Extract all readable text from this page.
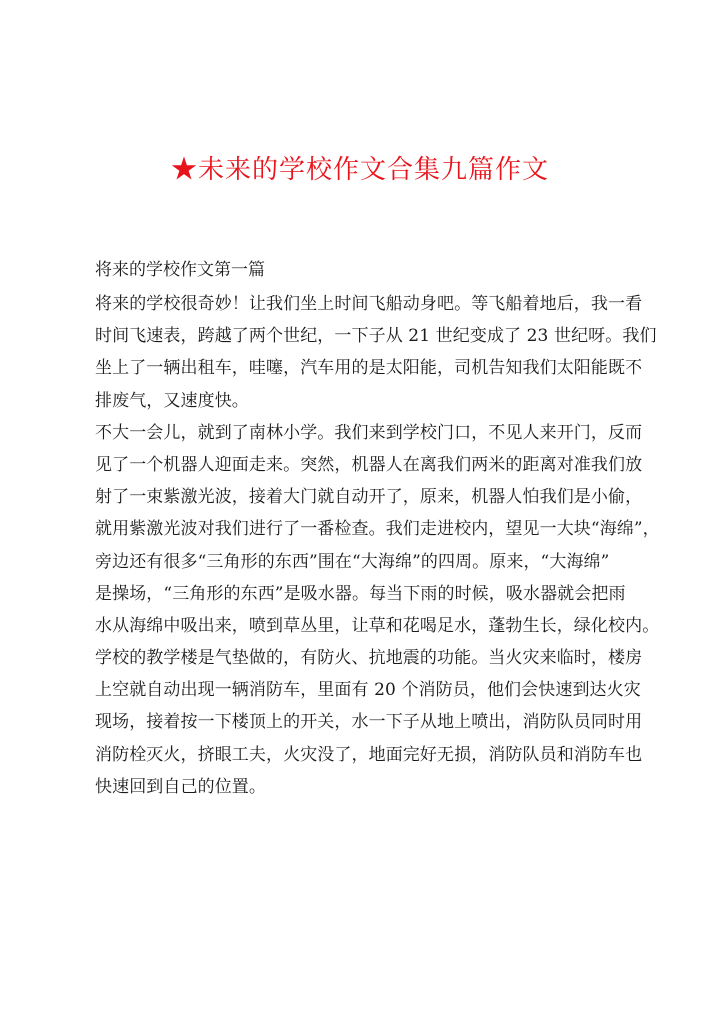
★未来的学校作文合集九篇作文
将来的学校作文第一篇
将来的学校很奇妙！让我们坐上时间飞船动身吧。等飞船着地后，我一看
时间飞速表，跨越了两个世纪，一下子从 21 世纪变成了 23 世纪呀。我们
坐上了一辆出租车，哇噻，汽车用的是太阳能，司机告知我们太阳能既不
排废气，又速度快。
不大一会儿，就到了南林小学。我们来到学校门口，不见人来开门，反而
见了一个机器人迎面走来。突然，机器人在离我们两米的距离对准我们放
射了一束紫激光波，接着大门就自动开了，原来，机器人怕我们是小偷，
就用紫激光波对我们进行了一番检查。我们走进校内，望见一大块“海绵”，
旁边还有很多“三角形的东西”围在“大海绵”的四周。原来，“大海绵”
是操场，“三角形的东西”是吸水器。每当下雨的时候，吸水器就会把雨
水从海绵中吸出来，喷到草丛里，让草和花喝足水，蓬勃生长，绿化校内。
学校的教学楼是气垫做的，有防火、抗地震的功能。当火灾来临时，楼房
上空就自动出现一辆消防车，里面有 20 个消防员，他们会快速到达火灾
现场，接着按一下楼顶上的开关，水一下子从地上喷出，消防队员同时用
消防栓灭火，挤眼工夫，火灾没了，地面完好无损，消防队员和消防车也
快速回到自己的位置。
